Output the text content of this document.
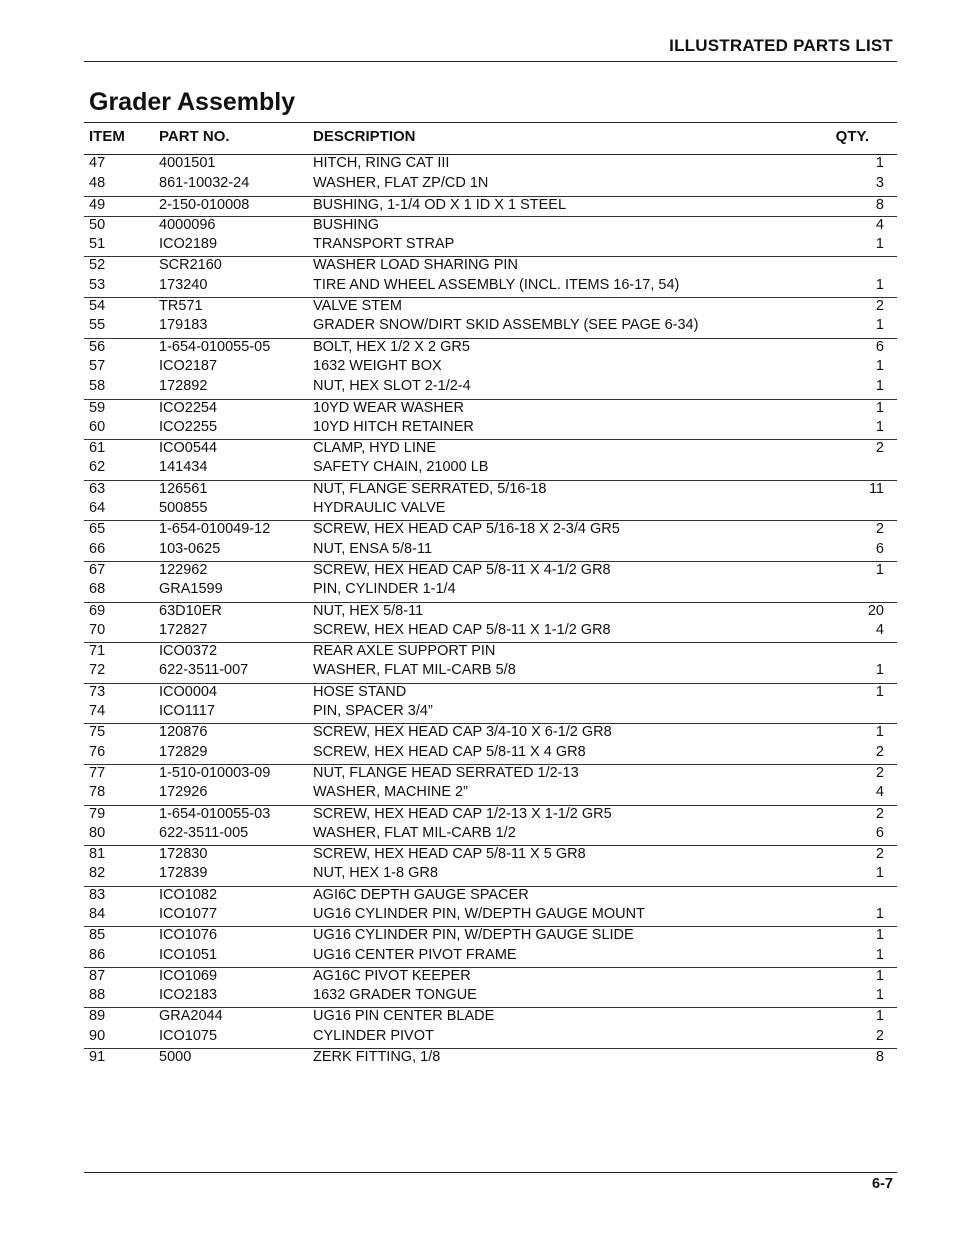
ILLUSTRATED PARTS LIST
Grader Assembly
ITEM PART NO.	DESCRIPTION	QTY.
47	4001501	HITCH, RING CAT III	1
48	861-10032-24	WASHER, FLAT ZP/CD 1N	3
49	2-150-010008	BUSHING, 1-1/4 OD X 1 ID X 1 STEEL	8
50	4000096	BUSHING	4
51	ICO2189	TRANSPORT STRAP	1
52	SCR2160	WASHER LOAD SHARING PIN
53	173240	TIRE AND WHEEL ASSEMBLY (INCL. ITEMS 16-17, 54)	1
54	TR571	VALVE STEM	2
55	179183	GRADER SNOW/DIRT SKID ASSEMBLY (SEE PAGE 6-34)	1
56	1-654-010055-05	BOLT, HEX 1/2 X 2 GR5	6
57	ICO2187	1632 WEIGHT BOX	1
58	172892	NUT, HEX SLOT 2-1/2-4	1
59	ICO2254	10YD WEAR WASHER	1
60	ICO2255	10YD HITCH RETAINER	1
61	ICO0544	CLAMP, HYD LINE	2
62	141434	SAFETY CHAIN, 21000 LB
63	126561	NUT, FLANGE SERRATED, 5/16-18	11
64	500855	HYDRAULIC VALVE
65	1-654-010049-12	SCREW, HEX HEAD CAP 5/16-18 X 2-3/4 GR5	2
66	103-0625	NUT, ENSA 5/8-11	6
67	122962	SCREW, HEX HEAD CAP 5/8-11 X 4-1/2 GR8	1
68	GRA1599	PIN, CYLINDER 1-1/4
69	63D10ER	NUT, HEX 5/8-11	20
70	172827	SCREW, HEX HEAD CAP 5/8-11 X 1-1/2 GR8	4
71	ICO0372	REAR AXLE SUPPORT PIN
72	622-3511-007	WASHER, FLAT MIL-CARB 5/8	1
73	ICO0004	HOSE STAND	1
74	ICO1117	PIN, SPACER 3/4”
75	120876	SCREW, HEX HEAD CAP 3/4-10 X 6-1/2 GR8	1
76	172829	SCREW, HEX HEAD CAP 5/8-11 X 4 GR8	2
77	1-510-010003-09	NUT, FLANGE HEAD SERRATED 1/2-13	2
78	172926	WASHER, MACHINE 2”	4
79	1-654-010055-03	SCREW, HEX HEAD CAP 1/2-13 X 1-1/2 GR5	2
80	622-3511-005	WASHER, FLAT MIL-CARB 1/2	6
81	172830	SCREW, HEX HEAD CAP 5/8-11 X 5 GR8	2
82	172839	NUT, HEX 1-8 GR8	1
83	ICO1082	AGI6C DEPTH GAUGE SPACER
84	ICO1077	UG16 CYLINDER PIN, W/DEPTH GAUGE MOUNT	1
85	ICO1076	UG16 CYLINDER PIN, W/DEPTH GAUGE SLIDE	1
86	ICO1051	UG16 CENTER PIVOT FRAME	1
87	ICO1069	AG16C PIVOT KEEPER	1
88	ICO2183	1632 GRADER TONGUE	1
89	GRA2044	UG16 PIN CENTER BLADE	1
90	ICO1075	CYLINDER PIVOT	2
91	5000	ZERK FITTING, 1/8	8
6-7
